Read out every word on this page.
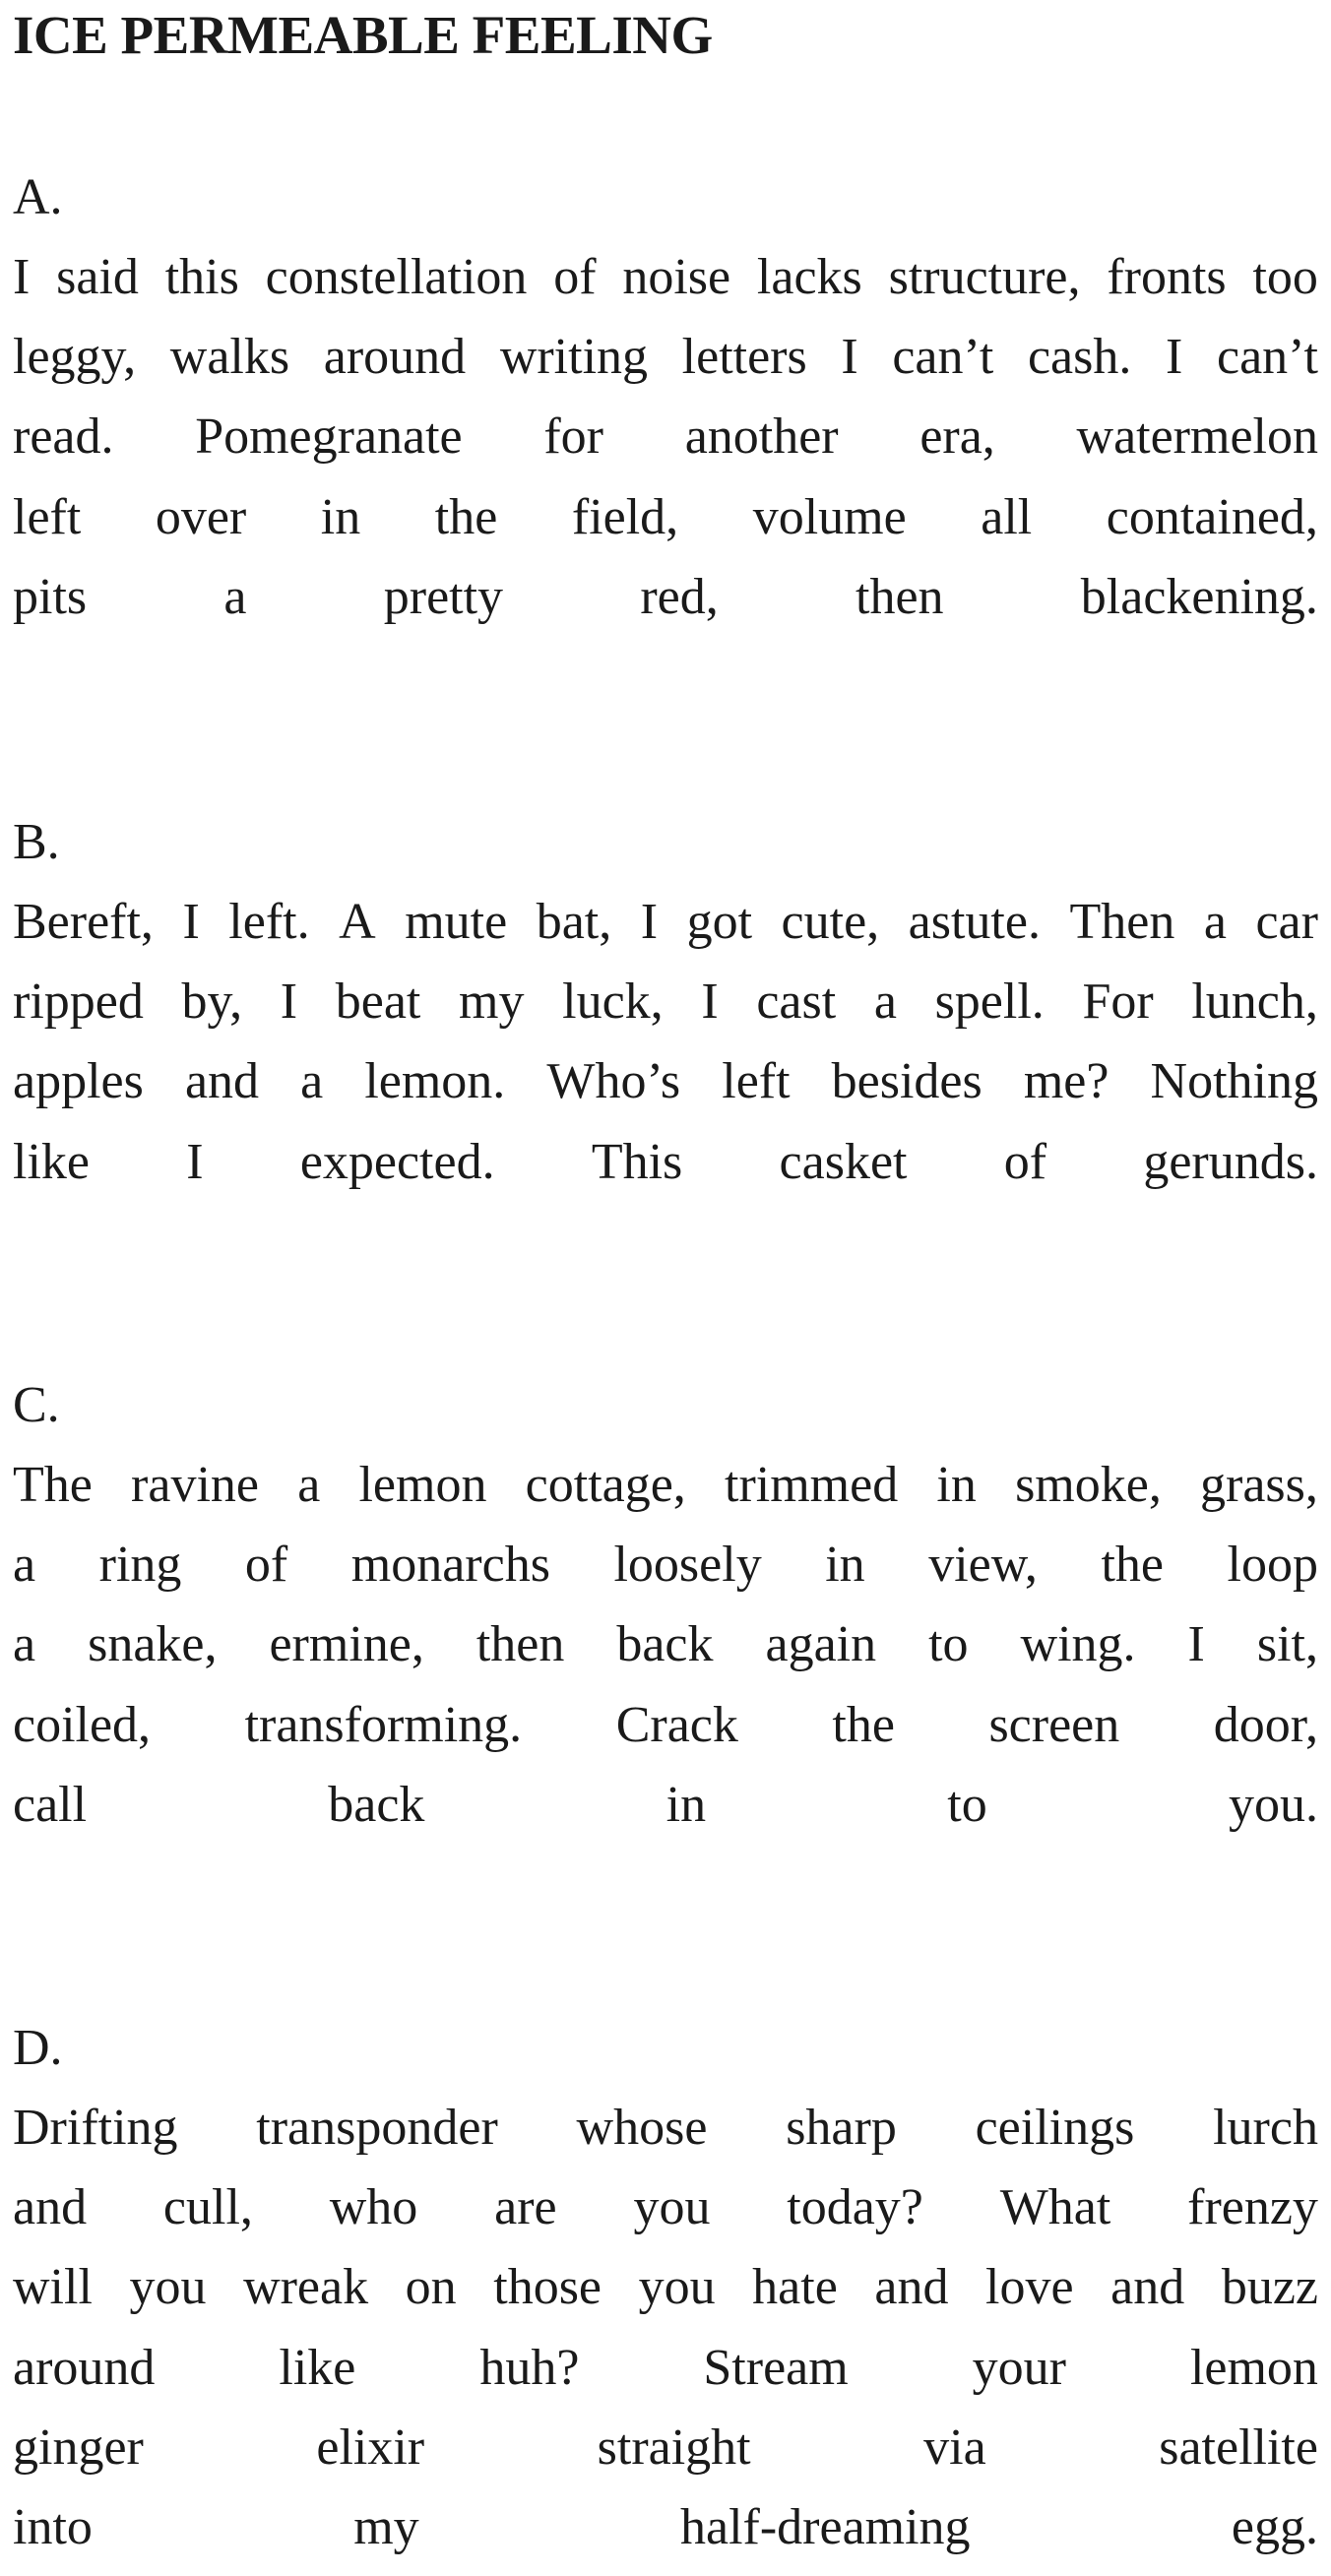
ICE PERMEABLE FEELING
A.
I said this constellation of noise lacks structure, fronts too
leggy, walks around writing letters I can’t cash. I can’t
read. Pomegranate for another era, watermelon
left over in the field, volume all contained,
pits	a	pretty	red,	then	blackening.
B.
Bereft, I left. A mute bat, I got cute, astute. Then a car
ripped by, I beat my luck, I cast a spell. For lunch,
apples and a lemon. Who’s left besides me? Nothing
like I expected. This casket of gerunds.
C.
The ravine a lemon cottage, trimmed in smoke, grass,
a ring of monarchs loosely in view, the loop
a snake, ermine, then back again to wing. I sit,
coiled, transforming. Crack the screen door,
call	back	in	to	you.
D.
Drifting transponder whose sharp ceilings lurch
and cull, who are you today? What frenzy
will you wreak on those you hate and love and buzz
around like huh? Stream your lemon
ginger	elixir	straight	via	satellite
into	my	half-dreaming	egg.
